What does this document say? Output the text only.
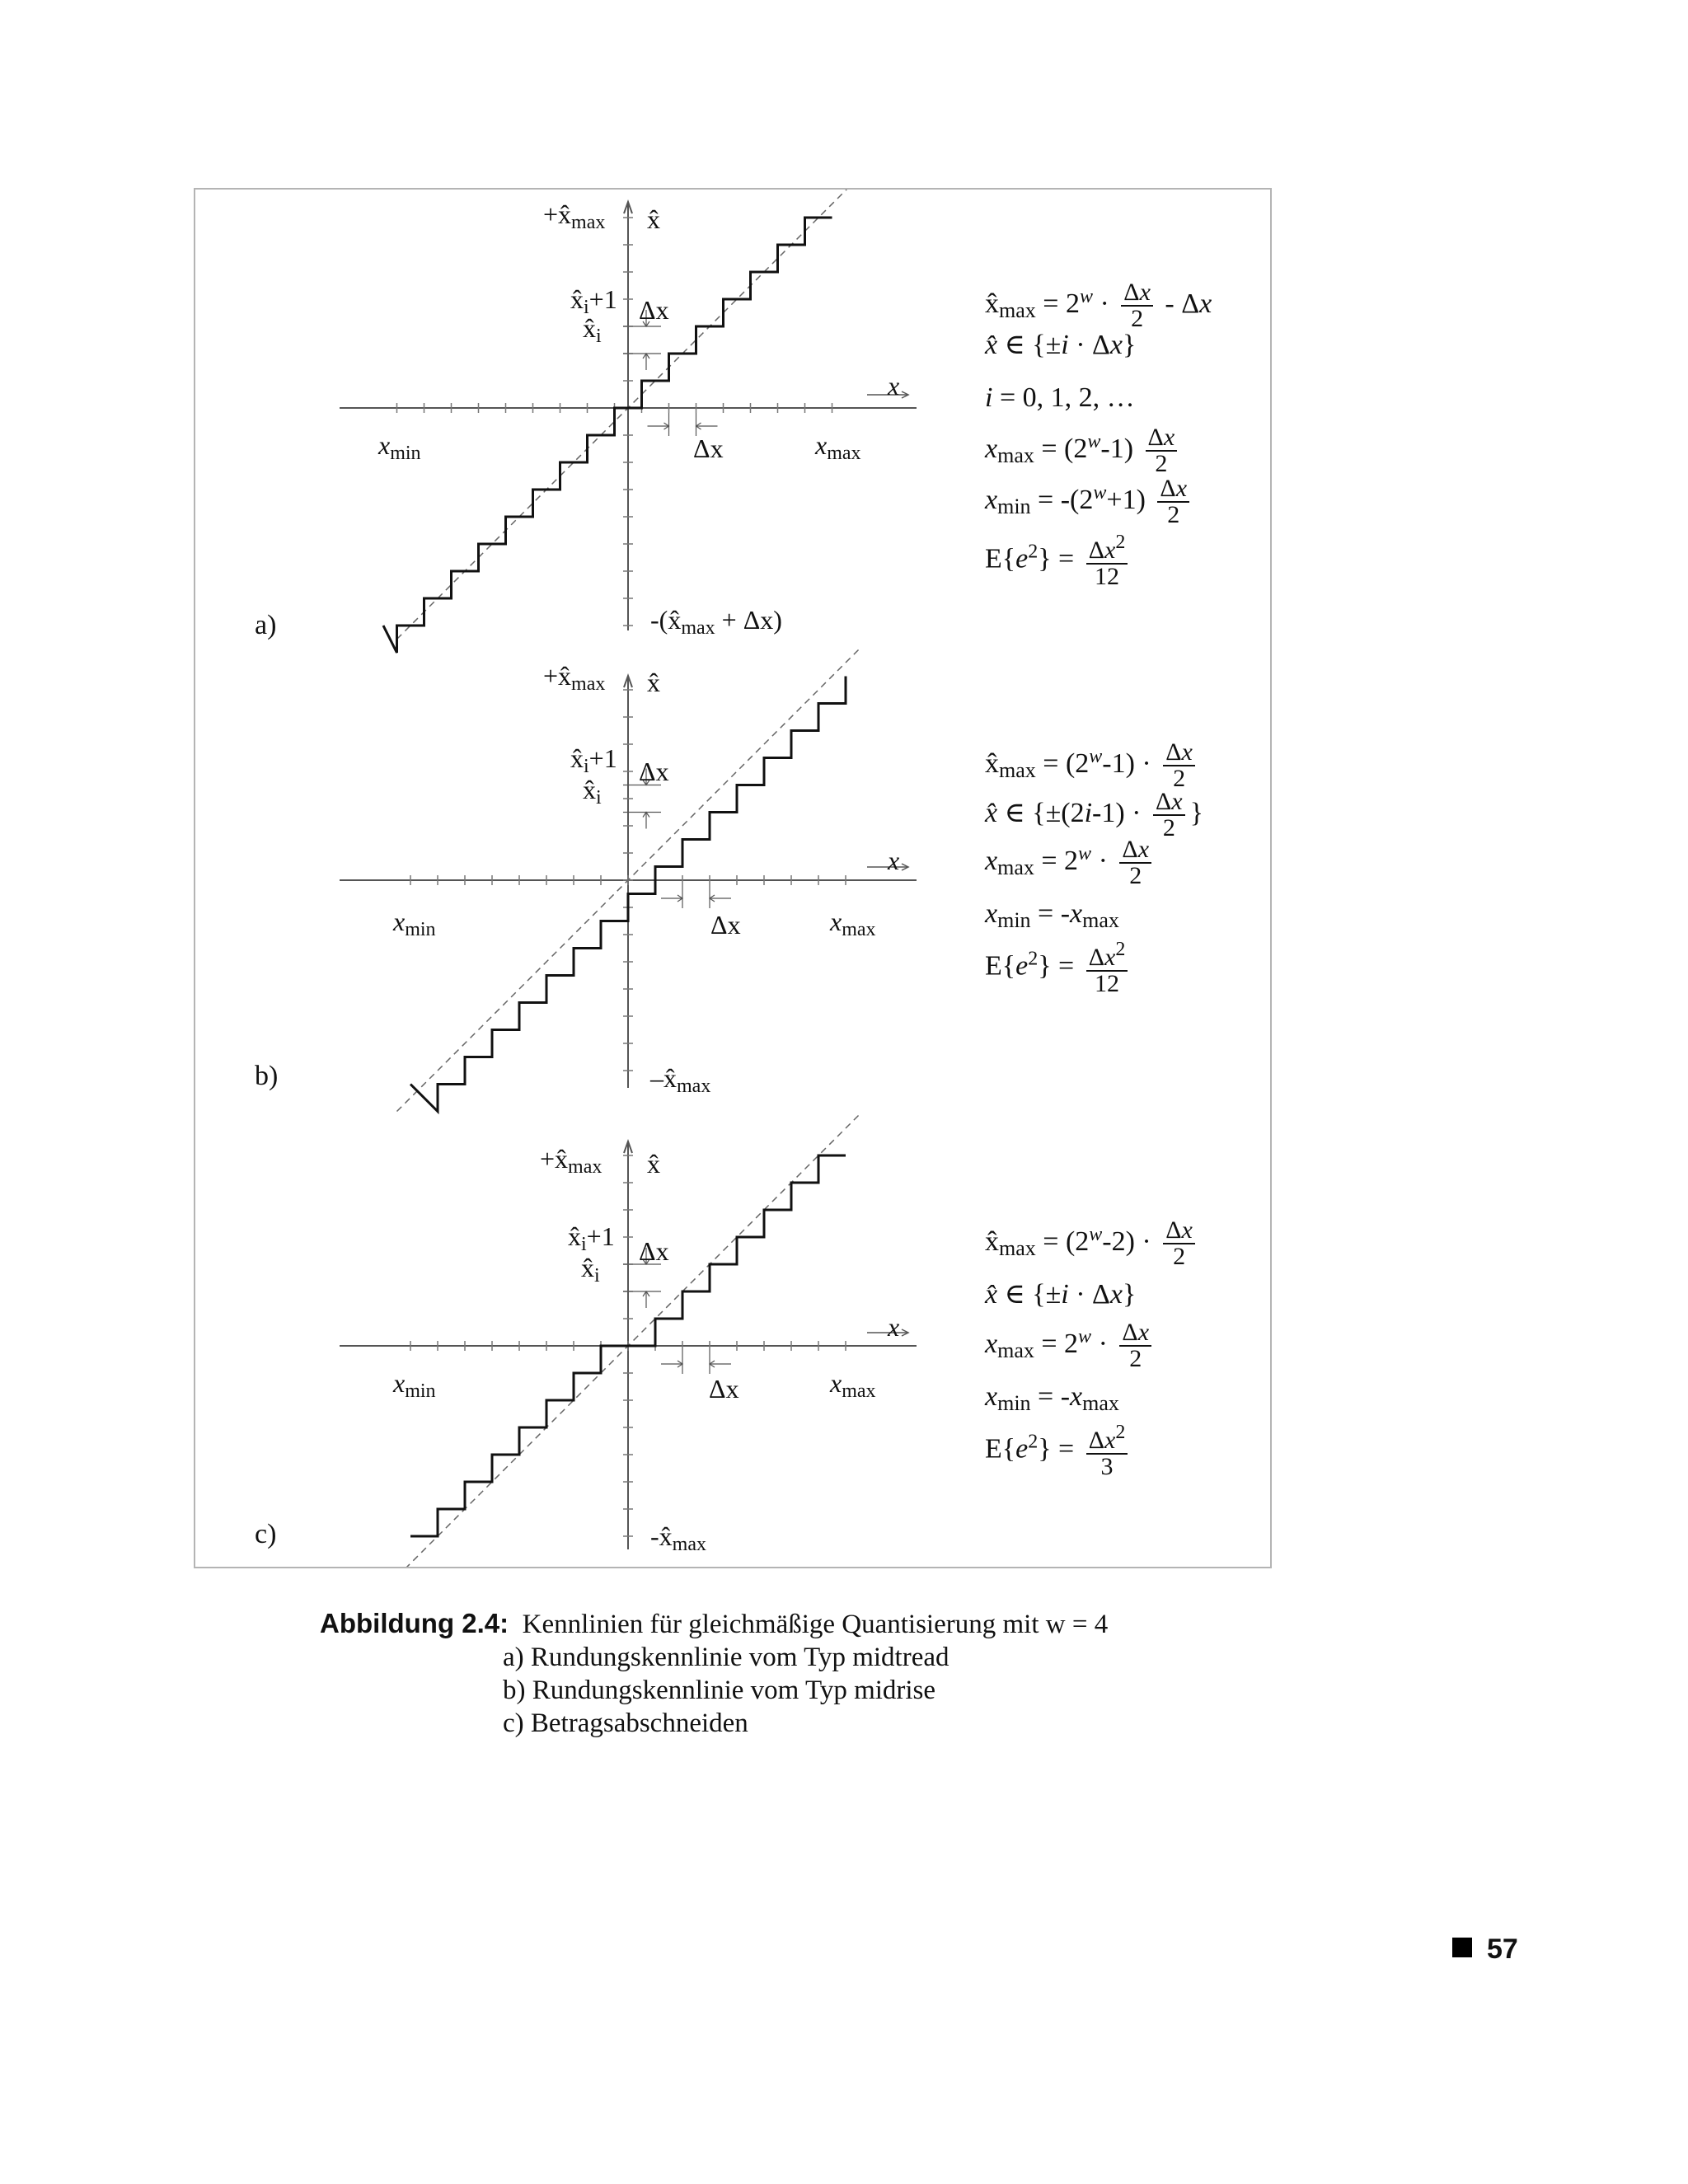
a)
b)
c)
$+x̂_{max}$ x̂
$x̂_i+1$
$x̂_i$
Δx
x
$x_{min}$	$x_{max}$
Δx
$-(x̂_{max} + \Delta x)$
$+x̂_{max}$ x̂
$x̂_i+1$
$x̂_i$
Δx
x
$x_{min}$	$x_{max}$
Δx
$-x̂_{max}$
$+x̂_{max}$ x̂
$x̂_i+1$
$x̂_i$
Δx
x
$x_{min}$	$x_{max}$
Δx
$-x̂_{max}$
$x̂_{max} = 2^w \cdot \frac{\Delta x}{2} - \Delta x$
x̂ ∈ {±i · Δx}
i = 0, 1, 2, …
$x_{max} = (2^w-1) \frac{\Delta x}{2}$
$x_{min} = -(2^w+1) \frac{\Delta x}{2}$
$E\{e^2\} = \frac{\Delta x^2}{12}$
$x̂_{max} = (2^w-1) \cdot \frac{\Delta x}{2}$
x̂ ∈ {$\pm(2i-1) \cdot \frac{\Delta x}{2}$ }
$x_{max} = 2^w \cdot \frac{\Delta x}{2}$
$x_{min} = -x_{max}$
$E\{e^2\} = \frac{\Delta x^2}{12}$
$x̂_{max} = (2^w-2) \cdot \frac{\Delta x}{2}$
x̂ ∈ {±i · Δx}
$x_{max} = 2^w \cdot \frac{\Delta x}{2}$
$x_{min} = -x_{max}$
$E\{e^2\} = \frac{\Delta x^2}{3}$
Abbildung 2.4: Kennlinien für gleichmäßige Quantisierung mit w = 4
a) Rundungskennlinie vom Typ midtread
b) Rundungskennlinie vom Typ midrise
c) Betragsabschneiden
57
